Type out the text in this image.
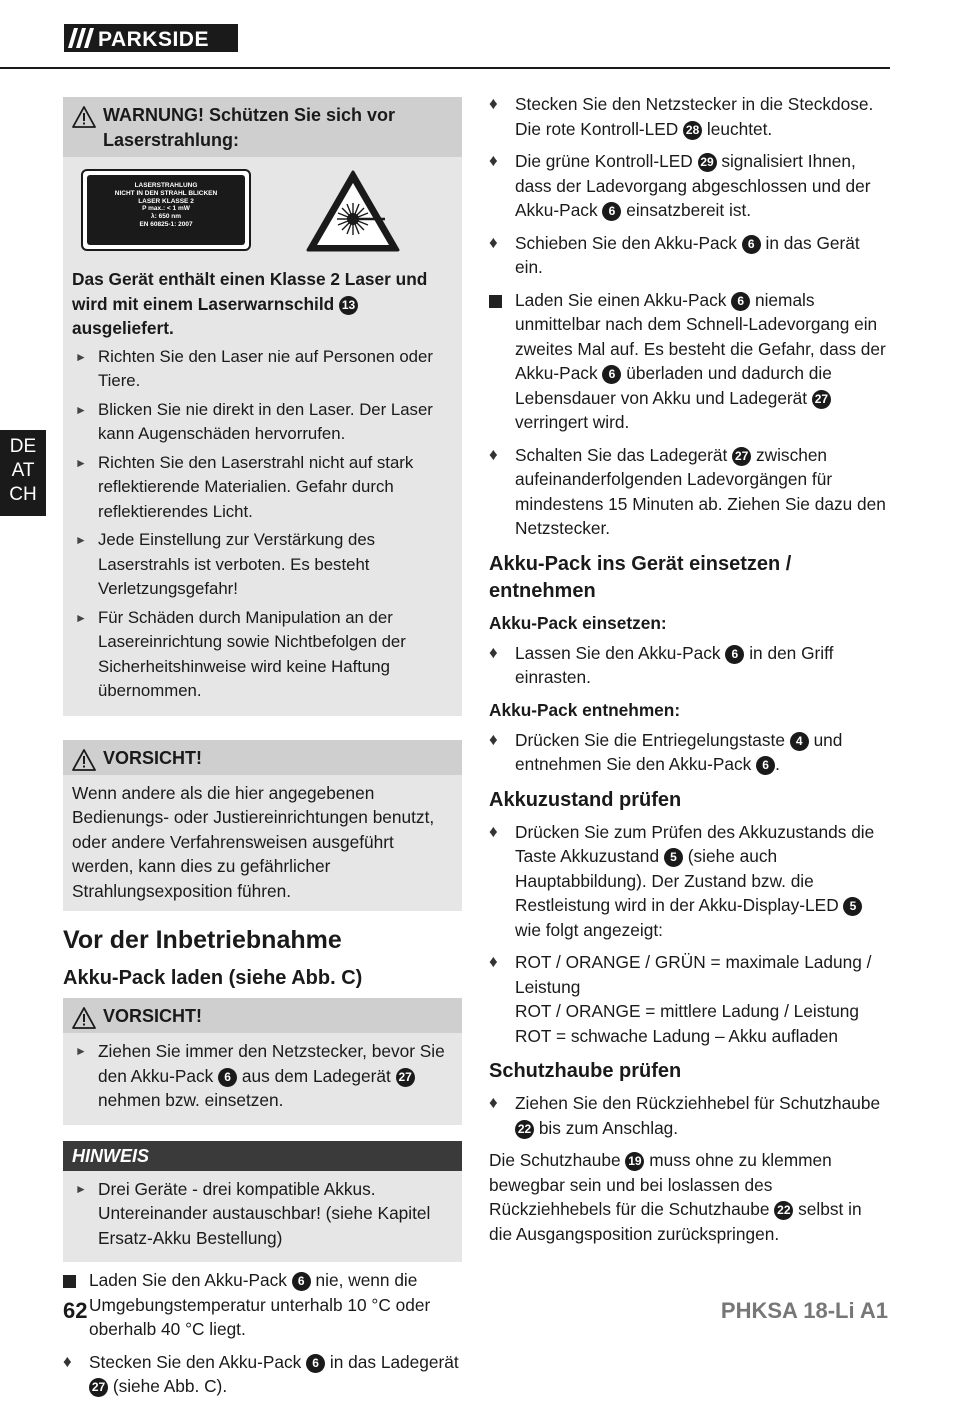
PARKSIDE
DE
AT
CH
WARNUNG! Schützen Sie sich vor Laserstrahlung:
LASERSTRAHLUNG
NICHT IN DEN STRAHL BLICKEN
LASER KLASSE 2
P max.: < 1 mW
λ: 650 nm
EN 60825-1: 2007
Das Gerät enthält einen Klasse 2 Laser und wird mit einem Laserwarnschild 13 ausgeliefert.
► Richten Sie den Laser nie auf Personen oder Tiere.
► Blicken Sie nie direkt in den Laser. Der Laser kann Augenschäden hervorrufen.
► Richten Sie den Laserstrahl nicht auf stark reflektierende Materialien. Gefahr durch reflektierendes Licht.
► Jede Einstellung zur Verstärkung des Laserstrahls ist verboten. Es besteht Verletzungsgefahr!
► Für Schäden durch Manipulation an der Lasereinrichtung sowie Nichtbefolgen der Sicherheitshinweise wird keine Haftung übernommen.
VORSICHT!
Wenn andere als die hier angegebenen Bedienungs- oder Justiereinrichtungen benutzt, oder andere Verfahrensweisen ausgeführt werden, kann dies zu gefährlicher Strahlungsexposition führen.
Vor der Inbetriebnahme
Akku-Pack laden (siehe Abb. C)
VORSICHT!
► Ziehen Sie immer den Netzstecker, bevor Sie den Akku-Pack 6 aus dem Ladegerät 27 nehmen bzw. einsetzen.
HINWEIS
► Drei Geräte - drei kompatible Akkus. Untereinander austauschbar! (siehe Kapitel Ersatz-Akku Bestellung)
Laden Sie den Akku-Pack 6 nie, wenn die Umgebungstemperatur unterhalb 10 °C oder oberhalb 40 °C liegt.
♦ Stecken Sie den Akku-Pack 6 in das Ladegerät 27 (siehe Abb. C).
♦ Stecken Sie den Netzstecker in die Steckdose. Die rote Kontroll-LED 28 leuchtet.
♦ Die grüne Kontroll-LED 29 signalisiert Ihnen, dass der Ladevorgang abgeschlossen und der Akku-Pack 6 einsatzbereit ist.
♦ Schieben Sie den Akku-Pack 6 in das Gerät ein.
Laden Sie einen Akku-Pack 6 niemals unmittelbar nach dem Schnell-Ladevorgang ein zweites Mal auf. Es besteht die Gefahr, dass der Akku-Pack 6 überladen und dadurch die Lebensdauer von Akku und Ladegerät 27 verringert wird.
♦ Schalten Sie das Ladegerät 27 zwischen aufeinanderfolgenden Ladevorgängen für mindestens 15 Minuten ab. Ziehen Sie dazu den Netzstecker.
Akku-Pack ins Gerät einsetzen / entnehmen
Akku-Pack einsetzen:
♦ Lassen Sie den Akku-Pack 6 in den Griff einrasten.
Akku-Pack entnehmen:
♦ Drücken Sie die Entriegelungstaste 4 und entnehmen Sie den Akku-Pack 6 .
Akkuzustand prüfen
♦ Drücken Sie zum Prüfen des Akkuzustands die Taste Akkuzustand 5 (siehe auch Hauptabbildung). Der Zustand bzw. die Restleistung wird in der Akku-Display-LED 5 wie folgt angezeigt:
♦ ROT / ORANGE / GRÜN = maximale Ladung / Leistung
ROT / ORANGE = mittlere Ladung / Leistung
ROT = schwache Ladung – Akku aufladen
Schutzhaube prüfen
♦ Ziehen Sie den Rückziehhebel für Schutzhaube 22 bis zum Anschlag.
Die Schutzhaube 19 muss ohne zu klemmen bewegbar sein und bei loslassen des Rückziehhebels für die Schutzhaube 22 selbst in die Ausgangsposition zurückspringen.
62	PHKSA 18-Li A1
